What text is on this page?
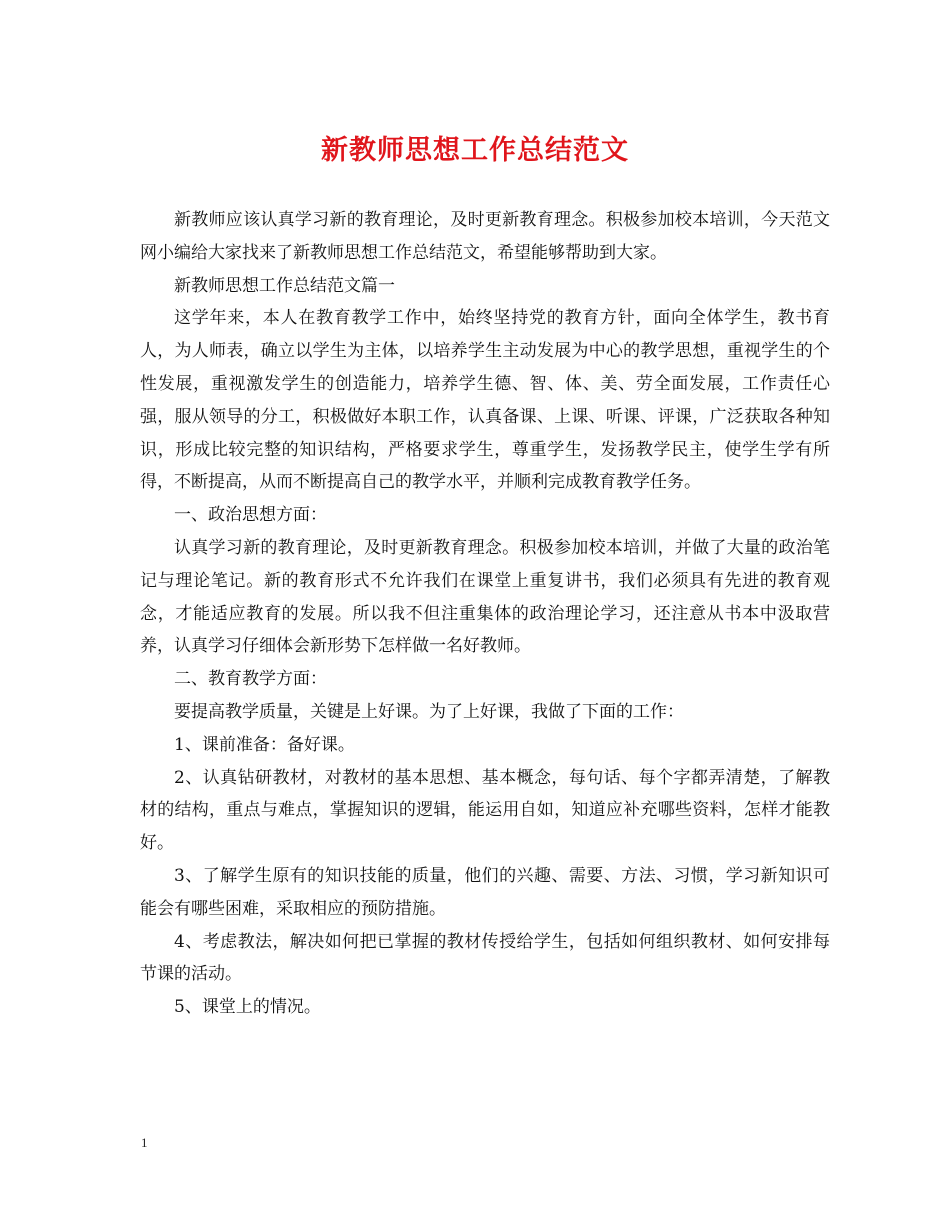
新教师思想工作总结范文

新教师应该认真学习新的教育理论，及时更新教育理念。积极参加校本培训，今天范文网小编给大家找来了新教师思想工作总结范文，希望能够帮助到大家。

新教师思想工作总结范文篇一

这学年来，本人在教育教学工作中，始终坚持党的教育方针，面向全体学生，教书育人，为人师表，确立以学生为主体，以培养学生主动发展为中心的教学思想，重视学生的个性发展，重视激发学生的创造能力，培养学生德、智、体、美、劳全面发展，工作责任心强，服从领导的分工，积极做好本职工作，认真备课、上课、听课、评课，广泛获取各种知识，形成比较完整的知识结构，严格要求学生，尊重学生，发扬教学民主，使学生学有所得，不断提高，从而不断提高自己的教学水平，并顺利完成教育教学任务。

一、政治思想方面：

认真学习新的教育理论，及时更新教育理念。积极参加校本培训，并做了大量的政治笔记与理论笔记。新的教育形式不允许我们在课堂上重复讲书，我们必须具有先进的教育观念，才能适应教育的发展。所以我不但注重集体的政治理论学习，还注意从书本中汲取营养，认真学习仔细体会新形势下怎样做一名好教师。

二、教育教学方面：

要提高教学质量，关键是上好课。为了上好课，我做了下面的工作：

1、课前准备：备好课。

2、认真钻研教材，对教材的基本思想、基本概念，每句话、每个字都弄清楚，了解教材的结构，重点与难点，掌握知识的逻辑，能运用自如，知道应补充哪些资料，怎样才能教好。

3、了解学生原有的知识技能的质量，他们的兴趣、需要、方法、习惯，学习新知识可能会有哪些困难，采取相应的预防措施。

4、考虑教法，解决如何把已掌握的教材传授给学生，包括如何组织教材、如何安排每节课的活动。

5、课堂上的情况。

1
